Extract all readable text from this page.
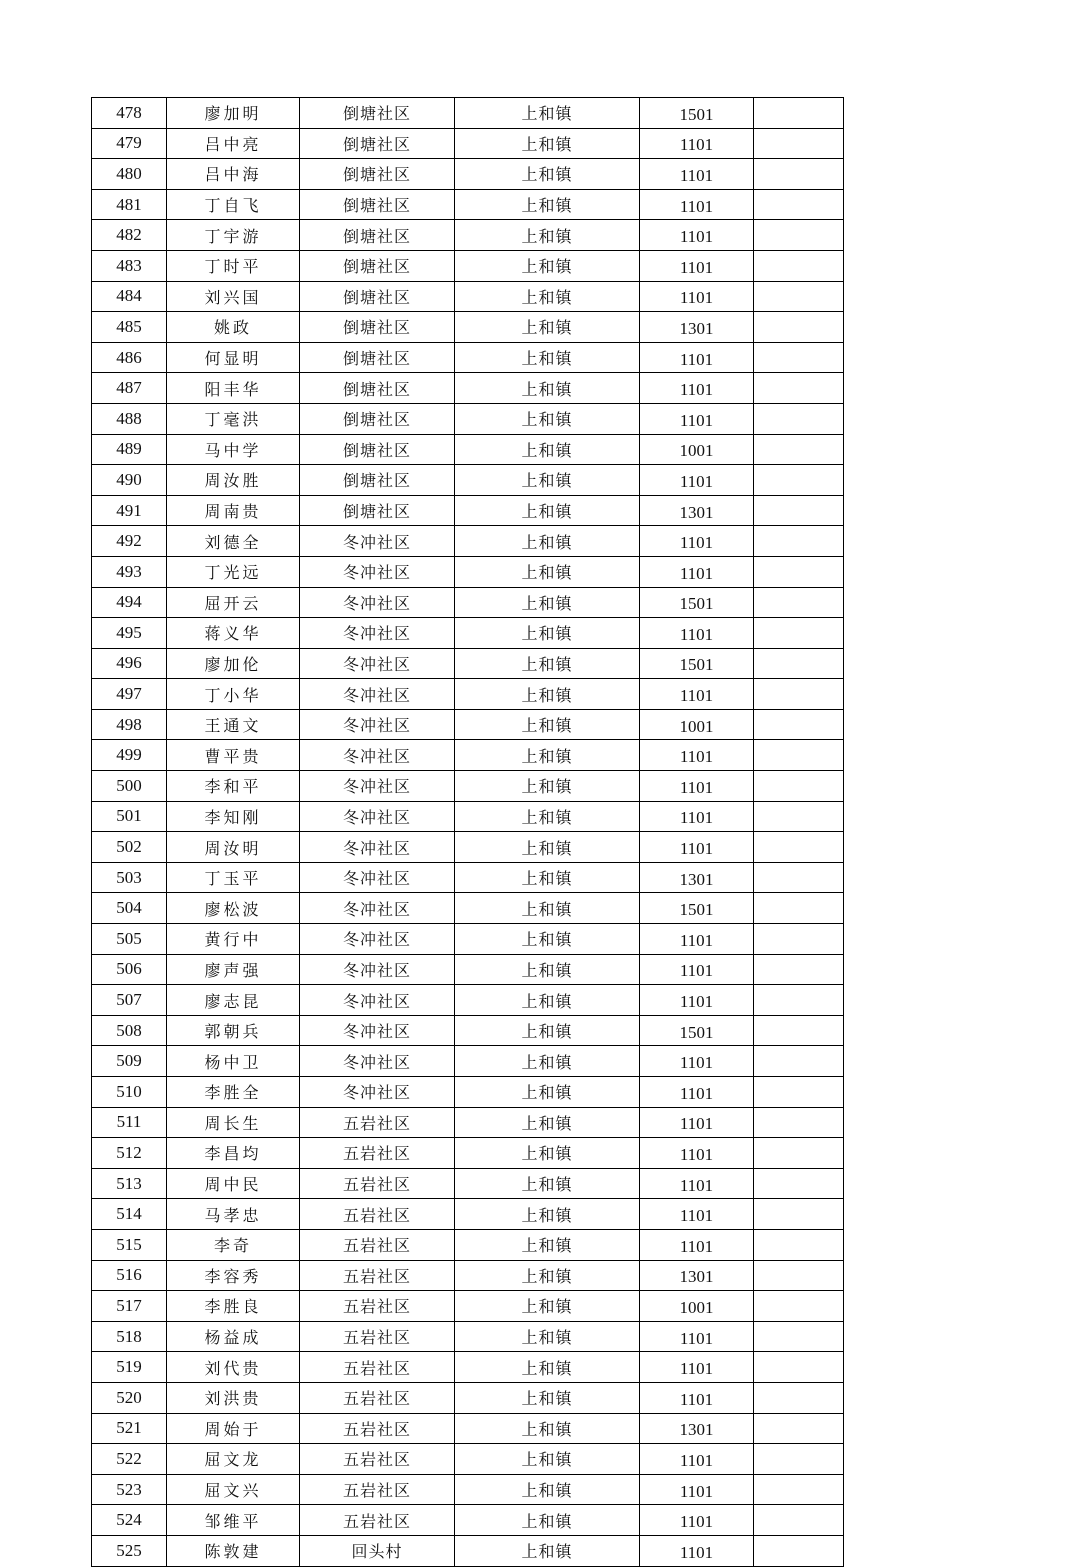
478	廖加明	倒塘社区	上和镇	1501	
479	吕中亮	倒塘社区	上和镇	1101	
480	吕中海	倒塘社区	上和镇	1101	
481	丁自飞	倒塘社区	上和镇	1101	
482	丁宇游	倒塘社区	上和镇	1101	
483	丁时平	倒塘社区	上和镇	1101	
484	刘兴国	倒塘社区	上和镇	1101	
485	姚政	倒塘社区	上和镇	1301	
486	何显明	倒塘社区	上和镇	1101	
487	阳丰华	倒塘社区	上和镇	1101	
488	丁毫洪	倒塘社区	上和镇	1101	
489	马中学	倒塘社区	上和镇	1001	
490	周汝胜	倒塘社区	上和镇	1101	
491	周南贵	倒塘社区	上和镇	1301	
492	刘德全	冬冲社区	上和镇	1101	
493	丁光远	冬冲社区	上和镇	1101	
494	屈开云	冬冲社区	上和镇	1501	
495	蒋义华	冬冲社区	上和镇	1101	
496	廖加伦	冬冲社区	上和镇	1501	
497	丁小华	冬冲社区	上和镇	1101	
498	王通文	冬冲社区	上和镇	1001	
499	曹平贵	冬冲社区	上和镇	1101	
500	李和平	冬冲社区	上和镇	1101	
501	李知刚	冬冲社区	上和镇	1101	
502	周汝明	冬冲社区	上和镇	1101	
503	丁玉平	冬冲社区	上和镇	1301	
504	廖松波	冬冲社区	上和镇	1501	
505	黄行中	冬冲社区	上和镇	1101	
506	廖声强	冬冲社区	上和镇	1101	
507	廖志昆	冬冲社区	上和镇	1101	
508	郭朝兵	冬冲社区	上和镇	1501	
509	杨中卫	冬冲社区	上和镇	1101	
510	李胜全	冬冲社区	上和镇	1101	
511	周长生	五岩社区	上和镇	1101	
512	李昌均	五岩社区	上和镇	1101	
513	周中民	五岩社区	上和镇	1101	
514	马孝忠	五岩社区	上和镇	1101	
515	李奇	五岩社区	上和镇	1101	
516	李容秀	五岩社区	上和镇	1301	
517	李胜良	五岩社区	上和镇	1001	
518	杨益成	五岩社区	上和镇	1101	
519	刘代贵	五岩社区	上和镇	1101	
520	刘洪贵	五岩社区	上和镇	1101	
521	周始于	五岩社区	上和镇	1301	
522	屈文龙	五岩社区	上和镇	1101	
523	屈文兴	五岩社区	上和镇	1101	
524	邹维平	五岩社区	上和镇	1101	
525	陈敦建	回头村	上和镇	1101	
